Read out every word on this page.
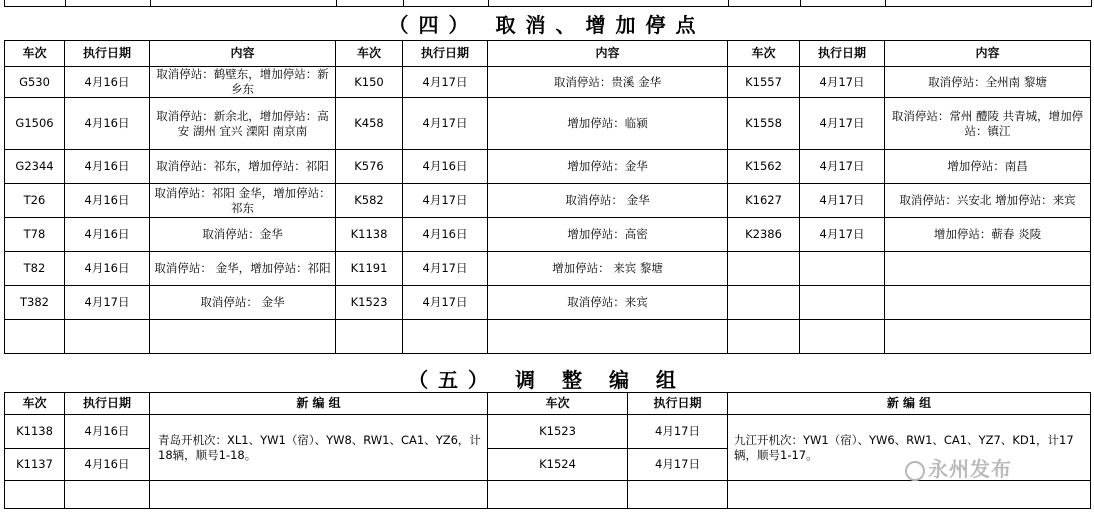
（四） 取消、增加停点
车次	执行日期	内容	车次	执行日期	内容	车次	执行日期	内容
G530	4月16日	取消停站：鹤壁东，增加停站：新乡东	K150	4月17日	取消停站：贵溪 金华	K1557	4月17日	取消停站：全州南 黎塘
G1506	4月16日	取消停站：新余北，增加停站：高安 湖州 宜兴 溧阳 南京南	K458	4月17日	增加停站：临颍	K1558	4月17日	取消停站：常州 醴陵 共青城，增加停站：镇江
G2344	4月16日	取消停站：祁东，增加停站：祁阳	K576	4月16日	增加停站：金华	K1562	4月17日	增加停站：南昌
T26	4月16日	取消停站：祁阳 金华，增加停站：祁东	K582	4月17日	取消停站： 金华	K1627	4月17日	取消停站：兴安北 增加停站：来宾
T78	4月16日	取消停站：金华	K1138	4月16日	增加停站：高密	K2386	4月17日	增加停站：蕲春 炎陵
T82	4月16日	取消停站： 金华，增加停站：祁阳	K1191	4月17日	增加停站： 来宾 黎塘			
T382	4月17日	取消停站： 金华	K1523	4月17日	取消停站：来宾			

（五） 调 整 编 组
车次	执行日期	新 编 组	车次	执行日期	新 编 组
K1138	4月16日	青岛开机次：XL1、YW1（宿）、YW8、RW1、CA1、YZ6，计18辆，顺号1-18。	K1523	4月17日	九江开机次：YW1（宿）、YW6、RW1、CA1、YZ7、KD1，计17辆，顺号1-17。
K1137	4月16日		K1524	4月17日	
						永州发布
